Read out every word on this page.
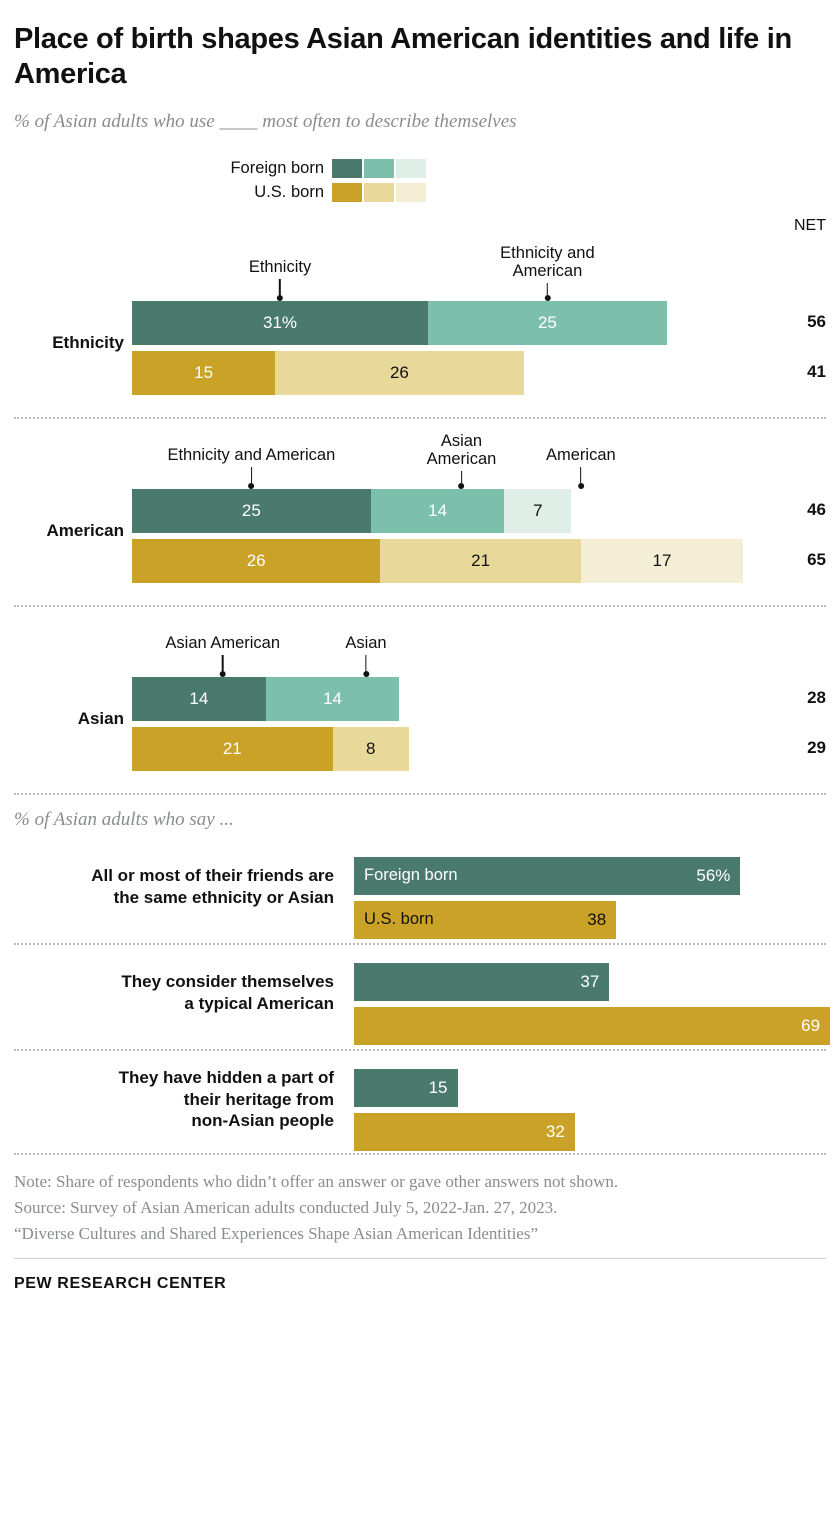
Place of birth shapes Asian American identities and life in America
% of Asian adults who use ____ most often to describe themselves
Foreign born
U.S. born
NET
Ethnicity
Ethnicity and
American
Ethnicity
31%	25	56
15	26	41
Ethnicity and American
Asian
American	American
American
25	14	7	46
26	21	17	65
Asian American	Asian
Asian
14	14	28
21	8	29
% of Asian adults who say ...
All or most of their friends are
the same ethnicity or Asian
Foreign born	56%
U.S. born	38
They consider themselves
a typical American
37
69
They have hidden a part of
their heritage from
non-Asian people
15
32
Note: Share of respondents who didn’t offer an answer or gave other answers not shown.
Source: Survey of Asian American adults conducted July 5, 2022-Jan. 27, 2023.
“Diverse Cultures and Shared Experiences Shape Asian American Identities”
PEW RESEARCH CENTER
